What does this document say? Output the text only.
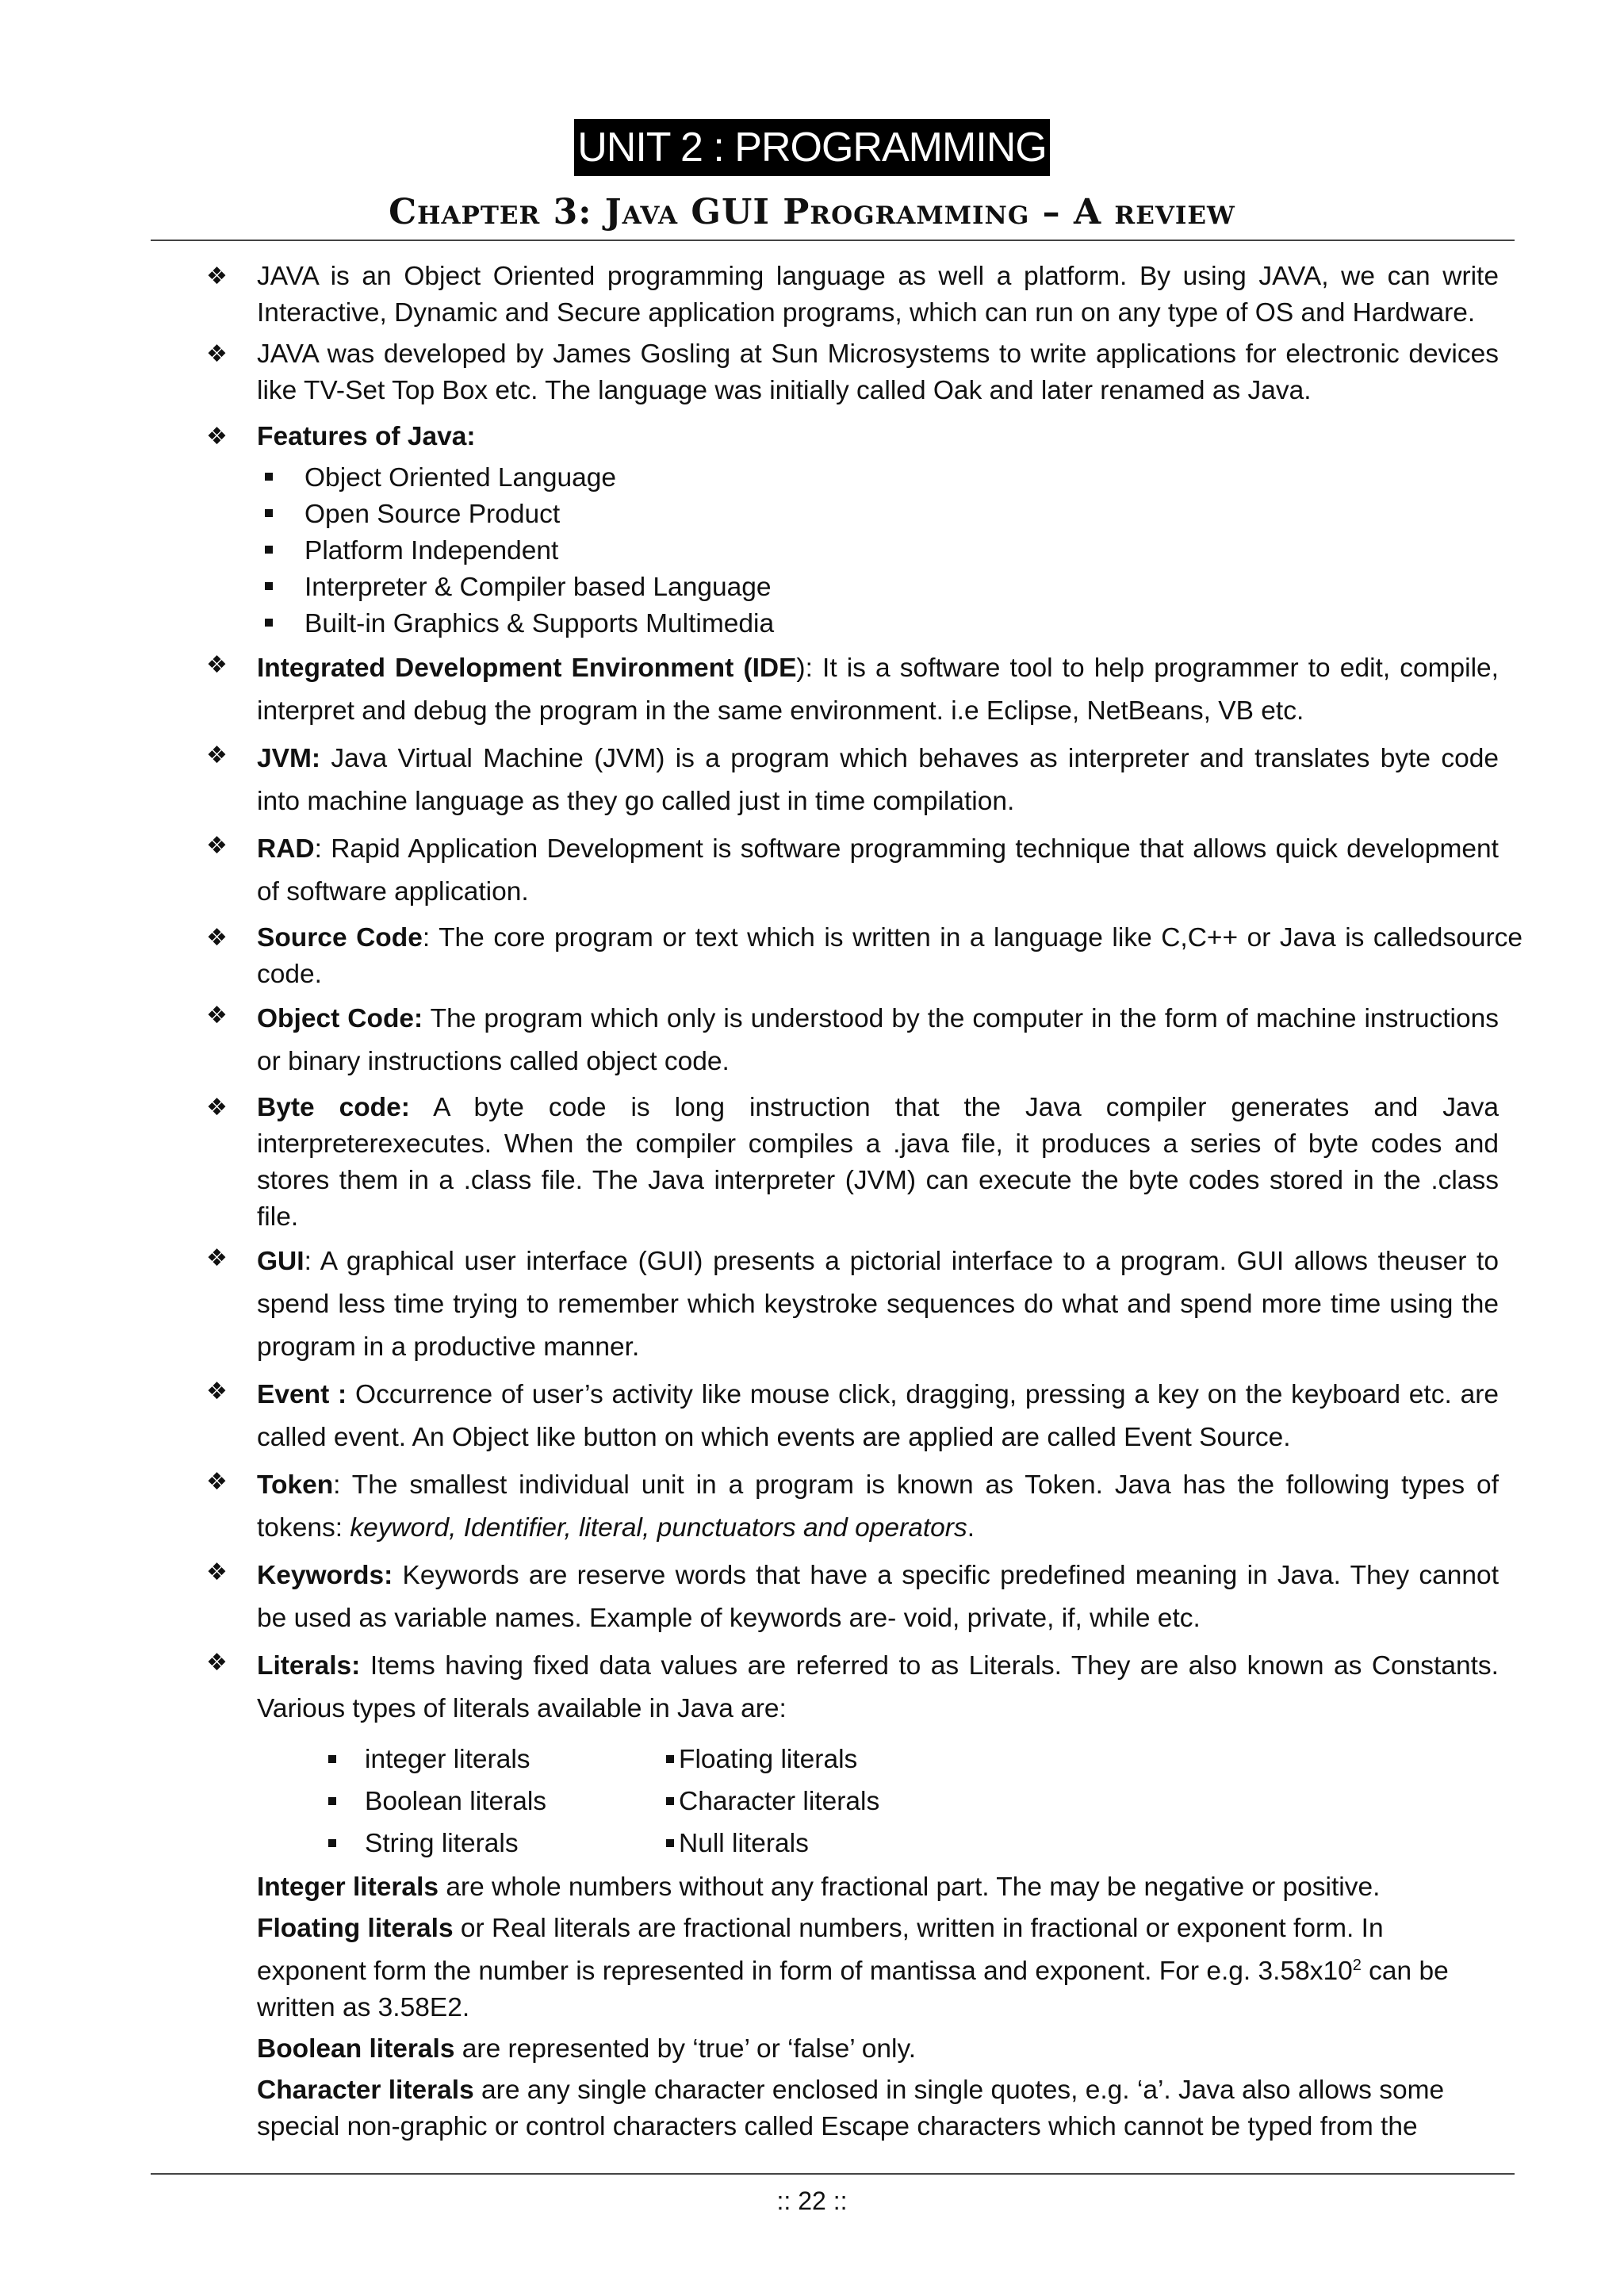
UNIT 2 : PROGRAMMING
Chapter 3: Java GUI Programming – A review
❖ JAVA is an Object Oriented programming language as well a platform. By using JAVA, we can write Interactive, Dynamic and Secure application programs, which can run on any type of OS and Hardware.

❖ JAVA was developed by James Gosling at Sun Microsystems to write applications for electronic devices like TV-Set Top Box etc. The language was initially called Oak and later renamed as Java.

❖ Features of Java:

Object Oriented Language
Open Source Product
Platform Independent
Interpreter & Compiler based Language
Built-in Graphics & Supports Multimedia
❖ Integrated Development Environment (IDE): It is a software tool to help programmer to edit, compile, interpret and debug the program in the same environment. i.e Eclipse, NetBeans, VB etc.

❖ JVM: Java Virtual Machine (JVM) is a program which behaves as interpreter and translates byte code into machine language as they go called just in time compilation.

❖ RAD: Rapid Application Development is software programming technique that allows quick development of software application.

❖ Source Code: The core program or text which is written in a language like C,C++ or Java is calledsource code.

❖ Object Code: The program which only is understood by the computer in the form of machine instructions or binary instructions called object code.

❖ Byte code: A byte code is long instruction that the Java compiler generates and Java interpreterexecutes. When the compiler compiles a .java file, it produces a series of byte codes and stores them in a .class file. The Java interpreter (JVM) can execute the byte codes stored in the .class file.

❖ GUI: A graphical user interface (GUI) presents a pictorial interface to a program. GUI allows theuser to spend less time trying to remember which keystroke sequences do what and spend more time using the program in a productive manner.

❖ Event : Occurrence of user’s activity like mouse click, dragging, pressing a key on the keyboard etc. are called event. An Object like button on which events are applied are called Event Source.

❖ Token: The smallest individual unit in a program is known as Token. Java has the following types of tokens: keyword, Identifier, literal, punctuators and operators.

❖ Keywords: Keywords are reserve words that have a specific predefined meaning in Java. They cannot be used as variable names. Example of keywords are- void, private, if, while etc.

❖ Literals: Items having fixed data values are referred to as Literals. They are also known as Constants. Various types of literals available in Java are:

integer literals	Floating literals
Boolean literals	Character literals
String literals	Null literals

Integer literals are whole numbers without any fractional part. The may be negative or positive.

Floating literals or Real literals are fractional numbers, written in fractional or exponent form. In exponent form the number is represented in form of mantissa and exponent. For e.g. $3.58x10^2$ can be written as 3.58E2.

Boolean literals are represented by ‘true’ or ‘false’ only.

Character literals are any single character enclosed in single quotes, e.g. ‘a’. Java also allows some special non-graphic or control characters called Escape characters which cannot be typed from the

:: 22 ::
